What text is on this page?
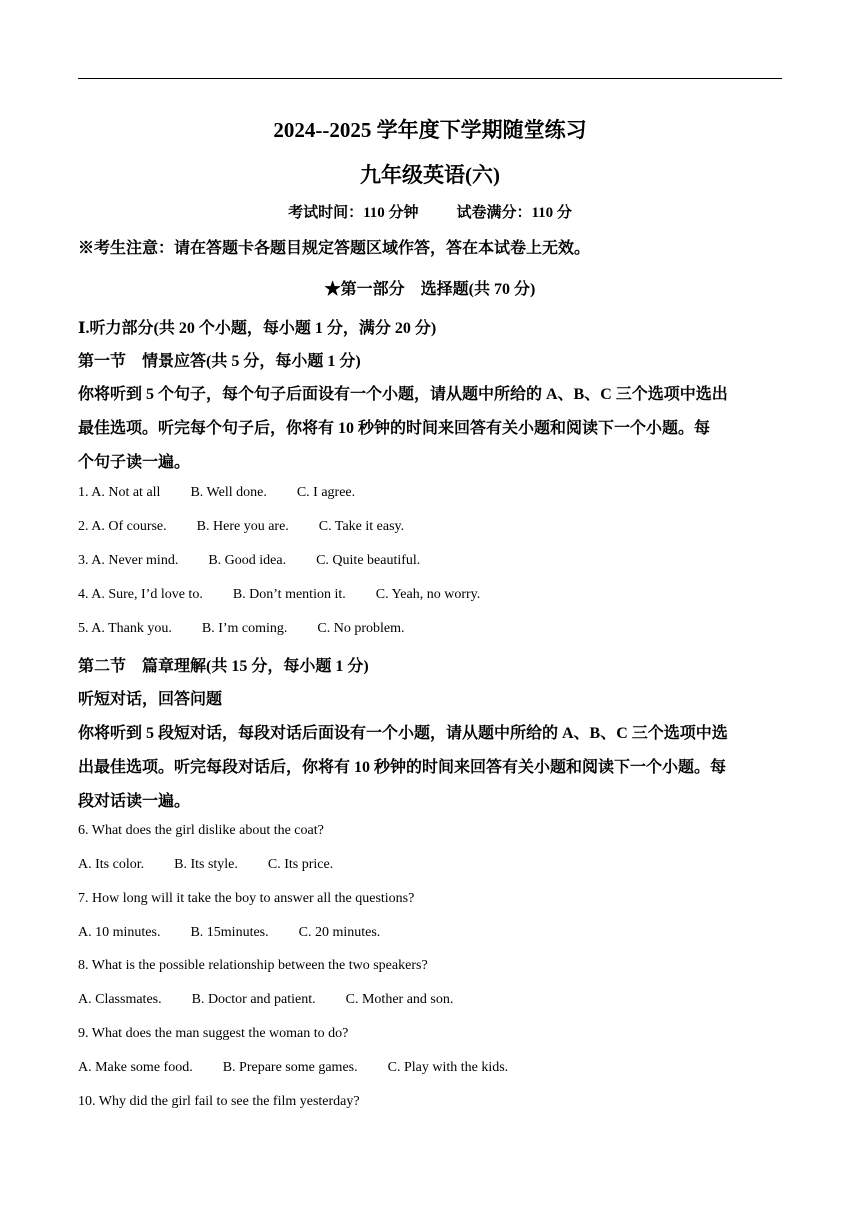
2024--2025 学年度下学期随堂练习
九年级英语(六)
考试时间：110 分钟	试卷满分：110 分
※考生注意：请在答题卡各题目规定答题区域作答，答在本试卷上无效。
★第一部分　选择题(共 70 分)
Ⅰ.听力部分(共 20 个小题，每小题 1 分，满分 20 分)
第一节　情景应答(共 5 分，每小题 1 分)
你将听到 5 个句子，每个句子后面设有一个小题，请从题中所给的 A、B、C 三个选项中选出
最佳选项。听完每个句子后，你将有 10 秒钟的时间来回答有关小题和阅读下一个小题。每
个句子读一遍。
1. A. Not at all B. Well done. C. I agree.
2. A. Of course. B. Here you are. C. Take it easy.
3. A. Never mind. B. Good idea. C. Quite beautiful.
4. A. Sure, I’d love to. B. Don’t mention it. C. Yeah, no worry.
5. A. Thank you. B. I’m coming. C. No problem.
第二节　篇章理解(共 15 分，每小题 1 分)
听短对话，回答问题
你将听到 5 段短对话，每段对话后面设有一个小题，请从题中所给的 A、B、C 三个选项中选
出最佳选项。听完每段对话后，你将有 10 秒钟的时间来回答有关小题和阅读下一个小题。每
段对话读一遍。
6. What does the girl dislike about the coat?
A. Its color. B. Its style. C. Its price.
7. How long will it take the boy to answer all the questions?
A. 10 minutes. B. 15minutes. C. 20 minutes.
8. What is the possible relationship between the two speakers?
A. Classmates. B. Doctor and patient. C. Mother and son.
9. What does the man suggest the woman to do?
A. Make some food. B. Prepare some games. C. Play with the kids.
10. Why did the girl fail to see the film yesterday?
